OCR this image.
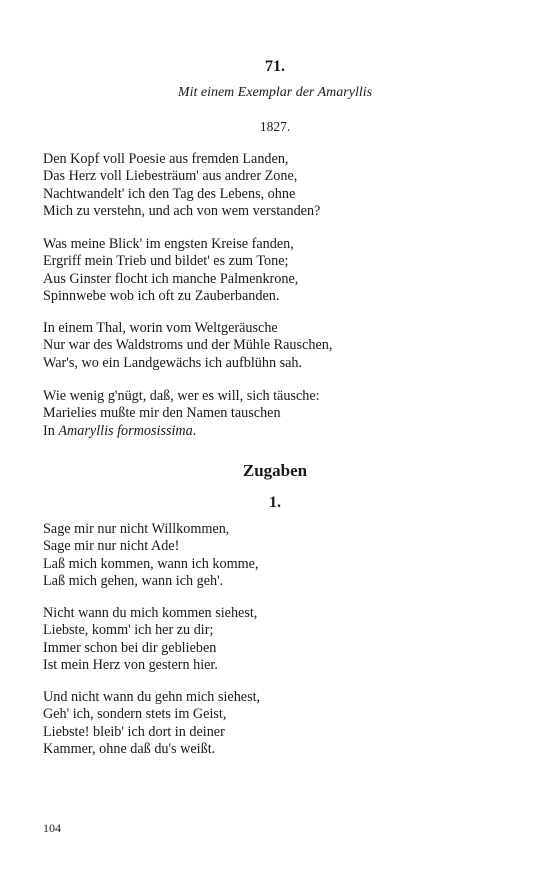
71.
Mit einem Exemplar der Amaryllis
1827.
Den Kopf voll Poesie aus fremden Landen,
Das Herz voll Liebesträum' aus andrer Zone,
Nachtwandelt' ich den Tag des Lebens, ohne
Mich zu verstehn, und ach von wem verstanden?
Was meine Blick' im engsten Kreise fanden,
Ergriff mein Trieb und bildet' es zum Tone;
Aus Ginster flocht ich manche Palmenkrone,
Spinnwebe wob ich oft zu Zauberbanden.
In einem Thal, worin vom Weltgeräusche
Nur war des Waldstroms und der Mühle Rauschen,
War's, wo ein Landgewächs ich aufblühn sah.
Wie wenig g'nügt, daß, wer es will, sich täusche:
Marielies mußte mir den Namen tauschen
In Amaryllis formosissima.
Zugaben
1.
Sage mir nur nicht Willkommen,
Sage mir nur nicht Ade!
Laß mich kommen, wann ich komme,
Laß mich gehen, wann ich geh'.
Nicht wann du mich kommen siehest,
Liebste, komm' ich her zu dir;
Immer schon bei dir geblieben
Ist mein Herz von gestern hier.
Und nicht wann du gehn mich siehest,
Geh' ich, sondern stets im Geist,
Liebste! bleib' ich dort in deiner
Kammer, ohne daß du's weißt.
104
